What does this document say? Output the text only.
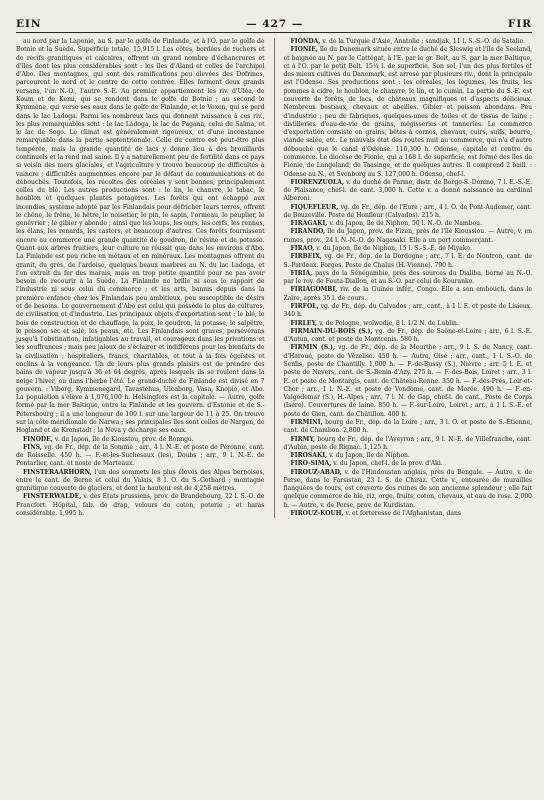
EIN	— 427 —	FIR

au nord par la Laponie, au S. par le golfe de Finlande, et à l'O. par le golfe de Botnie et la Suède. Superficie totale, 15,915 l. Les côtes, bordées de rochers et de récifs granitiques et calcaires, offrent un grand nombre d'échancrures et d'îles dont les plus considérables sont : les îles d'Aland et celles de l'archipel d'Abo. Des montagnes, qui sont des ramifications peu élevées des Dofrines, parcourent le nord et le centre de cette contrée. Elles forment deux grands versans, l'un N.-O., l'autre S.-E. Au premier appartiennent les riv. d'Uléa, de Koum et de Kemi, qui se rendent dans le golfe de Botnie ; au second le Kymmène, qui verse ses eaux dans le golfe de Finlande, et le Voxen, qui se perd dans le lac Ladoga. Parmi les nombreux lacs qui donnent naissance à ces riv., les plus remarquables sont : le lac Ladoga, le lac de Pagana, celui de Saïma, et le lac de Sego. Le climat est généralement rigoureux, et d'une inconstance remarquable dans la partie septentrionale. Celle du centre est peut-être plus tempérée, mais la grande quantité de lacs y donne lieu à des brouillards continuels et la rend mal saine. Il y a naturellement peu de fertilité dans ce pays si voisin des mers glaciales, et l'agriculture y trouve beaucoup de difficultés à vaincre ; difficultés augmentées encore par le défaut de communications et de débouchés. Toutefois, les récoltes des céréales y sont bonnes, principalement celles du blé. Les autres productions sont : le lin, le chanvre, le tabac, le houblon et quelques plantes potagères. Les forêts qui ont échappé aux incendies, système adopté par les Finlandais pour défricher leurs terres, offrent le chêne, le frêne, le hêtre, le noisetier, le pin, le sapin, l'ormeau, le peuplier, le genévrier ; le gibier y abonde ; ainsi que les loups, les ours, les cerfs, les rennes, les élans, les renards, les castors, et beaucoup d'autres. Ces forêts fournissent encore au commerce une grande quantité de goudron, de résine et de potasse. Quant aux arbres fruitiers, leur culture ne réussit que dans les environs d'Abo. La Finlande est peu riche en métaux et en minéraux. Les montagnes offrent du granit, du grès, de l'ardoise, quelques beaux marbres au N. du lac Ladoga, et l'on extrait du fer des marais, mais en trop petite quantité pour ne pas avoir besoin de recourir à la Suède. La Finlande ne brille ni sous le rapport de l'industrie ni sous celui du commerce ; et les arts, bannis depuis dans la première enfance chez les Finlandais peu ambitieux, peu susceptible de désirs et de besoins. Le gouvernement d'Abo est celui qui possède le plus de cultures, de civilisation et d'industrie. Les principaux objets d'exportation sont : le blé, le bois de construction et de chauffage, la poix, le goudron, la potasse, le salpêtre, le poisson sec et salé, les peaux, etc. Les Finlandais sont graves, persévérans jusqu'à l'obstination, infatigables au travail, et courageux dans les privations et les souffrances ; mais peu jaloux de s'éclairer et indifférens pour les bienfaits de la civilisation ; hospitaliers, francs, charitables, et tout à la fois égoïstes et enclins à la vengeance. Un de leurs plus grands plaisirs est de prendre des bains de vapeur jusqu'à 36 et 64 degrés, après lesquels ils se roulent dans la neige l'hiver, ou dans l'herbe l'été. Le grand-duché de Finlande est divisé en 7 gouvern. : Viborg, Kymmenegard, Tavastehus, Uleaborg, Vasa, Knopio, et Abo. La population s'élève à 1,076,100 h. Helsingfors est la capitale. — Autre, golfe formé par la mer Baltique, entre la Finlande et les gouvern. d'Estonie et de S.-Pétersbourg ; il a une longueur de 100 l. sur une largeur de 11 à 25. On trouve sur la côte méridionale de Narwa ; ses principales îles sont celles de Nargen, de Hogland et de Kronstadt ; la Neva y décharge ses eaux.

FINODE, v. du Japon, île de Kioustou, prov. de Bonngo.

FINS, vg. de Fr., dép. de la Somme ; arr., 4 l. N.-E. et poste de Péronne, cant. de Roisselle. 450 h. — F.-et-les-Suchesaux (les), Doubs ; arr., 9 l. N.-E. de Pontarlier, cant. et noste de Marteaux.

FINSTERAARHORN, l'un des sommets les plus élevés des Alpes bernoises, entre le cant. de Berne et celui du Valais, 8 l. O. du S.-Gothard ; montagne granitique couverte de glaciers, et dont la hauteur est de 4,258 mètres.

FINSTERWALDE, v. des États prussiens, prov. de Brandebourg, 22 l. S.-O. de Francfort. Hôpital, fab. de drap, velours de coton, poterie ; et haras considérable. 1,995 h.

FIONDA, v. de la Turquie d'Asie, Anatolie ; sandjak, 11 l. S.-S.-O. de Satalie.

FIONIE, île du Danemark située entre le duché de Sleswig et l'île de Seeland, et baignée au N. par le Cattégat, à l'E. par le gr. Belt, au S. par la mer Baltique, et à l'O. par le petit Belt. 15¼ l. de superficie. Son sol, l'un des plus fertiles et des mieux cultivés du Danemark, est arrosé par plusieurs riv., dont la principale est l'Odense. Ses productions sont : les céréales, les légumes, les fruits, les pommes à cidre, le houblon, le chanvre, le lin, et le cumin. La partie du S.-E. est couverte de forêts, de lacs, de châteaux magnifiques et d'aspects délicieux. Nombreux bestiaux, chevaux et abeilles. Gibier et poisson abondans. Peu d'industrie ; peu de fabriques, quelques-unes de toiles et de tissus de laine ; distilleries d'eau-de-vie de grains, mégisseries et tanneries. Le commerce d'exportation consiste en grains, bêtes à cornes, chevaux, cuirs, suifs, beurre, viande salée, etc. Le mauvais état des routes nuit au commerce, qui n'a d'autre débouché que le canal d'Odense. 110,300 h. Odense, capitale et centre du commerce. Le diocèse de Fionie, qui a 168 l. de superficie, est formé des îles de Fionie, de Langeland, de Taasinge, et de quelques autres. Il comprend 2 baill. : Odense au N., et Svenborg au S. 127,000 h. Odense, chef-l.

FIORENZUOLA, v. du duché de Parme, distr. de Borgo-S.-Donino, 7 l. E.-S.-E. de Plaisance, chef-l. de cant. 3,000 h. Cette v. a donné naissance au cardinal Alberoni.

FIQUEFLEUR, vg. de Fr., dép. de l'Eure ; arr., 4 l. O. de Pont-Audemer, cant. de Beuzeville. Poste de Honfleur (Calvados). 215 h.

FIRAGAKI, v. du Japon, île de Niphon, 50 l. N.-O. de Nambou.

FIRANDO, île du Japon, prov. de Fizen, près de l'île Kioussiou. — Autre, v. en ruines, prov., 24 l. N.-N.-O. de Nagasaki. Elle a un port commerçant.

FIRAO, v. du Japon, île de Niphon, 15 l. S.-S.-E. de Miyako.

FIRBEIX, vg. de Fr., dép. de la Dordogne ; arr., 7 l. E. de Nontron, cant. de S.-Pardoux. Forges. Poste de Chalus (H.-Vienne). 790 h.

FIRIA, pays de la Sénégambie, près des sources du Dialiba, borné au N.-O. par le roy. de Fouta-Diallon, et au S.-O. par celui de Kouranko.

FIRIAGOMBI, riv. de la Guinée infér., Congo. Elle a son embouch. dans le Zaïre, après 35 l. de cours.

FIRFOL, vg. de Fr., dép. du Calvados ; arr., cant., à 1 l. E. et poste de Lisieux. 340 h.

FIRLEY, v. de Pologne, woïwodie, 8 l. 1/2 N. de Lublin.

FIRMAIN-DU-BOIS (S.), vg. de Fr., dép. de Saône-et-Loire ; arr., 6 l. S.-E. d'Autun, cant. et poste de Montcenis. 580 h.

FIRMIN (S.), vg. de Fr., dép. de la Meurthe ; arr., 9 l. S. de Nancy, cant. d'Haroué, poste de Vézelise. 450 h. — Autre, Oise ; arr., cant., 1 l. S.-O. de Senlis, poste de Chantilly. 1,000 h. — F.-de-Bussy (S.), Nièvre ; arr. 5 l. E. et poste de Nevers, cant. de S.-Benin-d'Azy. 275 h. — F.-des-Bois, Loiret ; arr., 3 l. E. et poste de Montargis, cant. de Château-Renne. 350 h. — F.-des-Prés, Loir-et-Cher ; arr., 1 l. N.-E. et poste de Vendôme, cant. de Morée. 490 h. — F.-en-Valgodemar (S.), H.-Alpes ; arr., 7 l. N. de Gap, chef-l. de cant., Poste de Corps (Isère). Couvertures de laine. 850 h. — F.-sur-Loire, Loiret ; arr., à 1 l. S.-E. et poste de Gien, cant. de Châtillon. 400 h.

FIRMINI, bourg de Fr., dép. de la Loire ; arr., 3 l. O. et poste de S.-Étienne, cant. de Chambon. 2,800 h.

FIRMY, bourg de Fr., dép. de l'Aveyron ; arr., 9 l. N.-E. de Villefranche, cant. d'Aubin, poste de Rignac. 1,125 h.

FIROSAKI, v. du Japon, île de Niphon.

FIRO-SIMA, v. du Japon, chef-l. de la prov. d'Aki.

FIROUZ-ABAD, v. de l'Hindoustan anglais, près du Bengale. — Autre, v. de Perse, dans le Farsistan, 23 l. S. de Chiraz. Cette v., entourée de murailles flanquées de tours, est couverte des ruines de son ancienne splendeur ; elle fait quelque commerce de blé, riz, orge, fruits, coton, chevaux, et eau de rose. 2,000 h. — Autre, v. de Perse, prov. de Kurdistan.

FIROUZ-KOUH, v. et forteresse de l'Afghanistan, dans
